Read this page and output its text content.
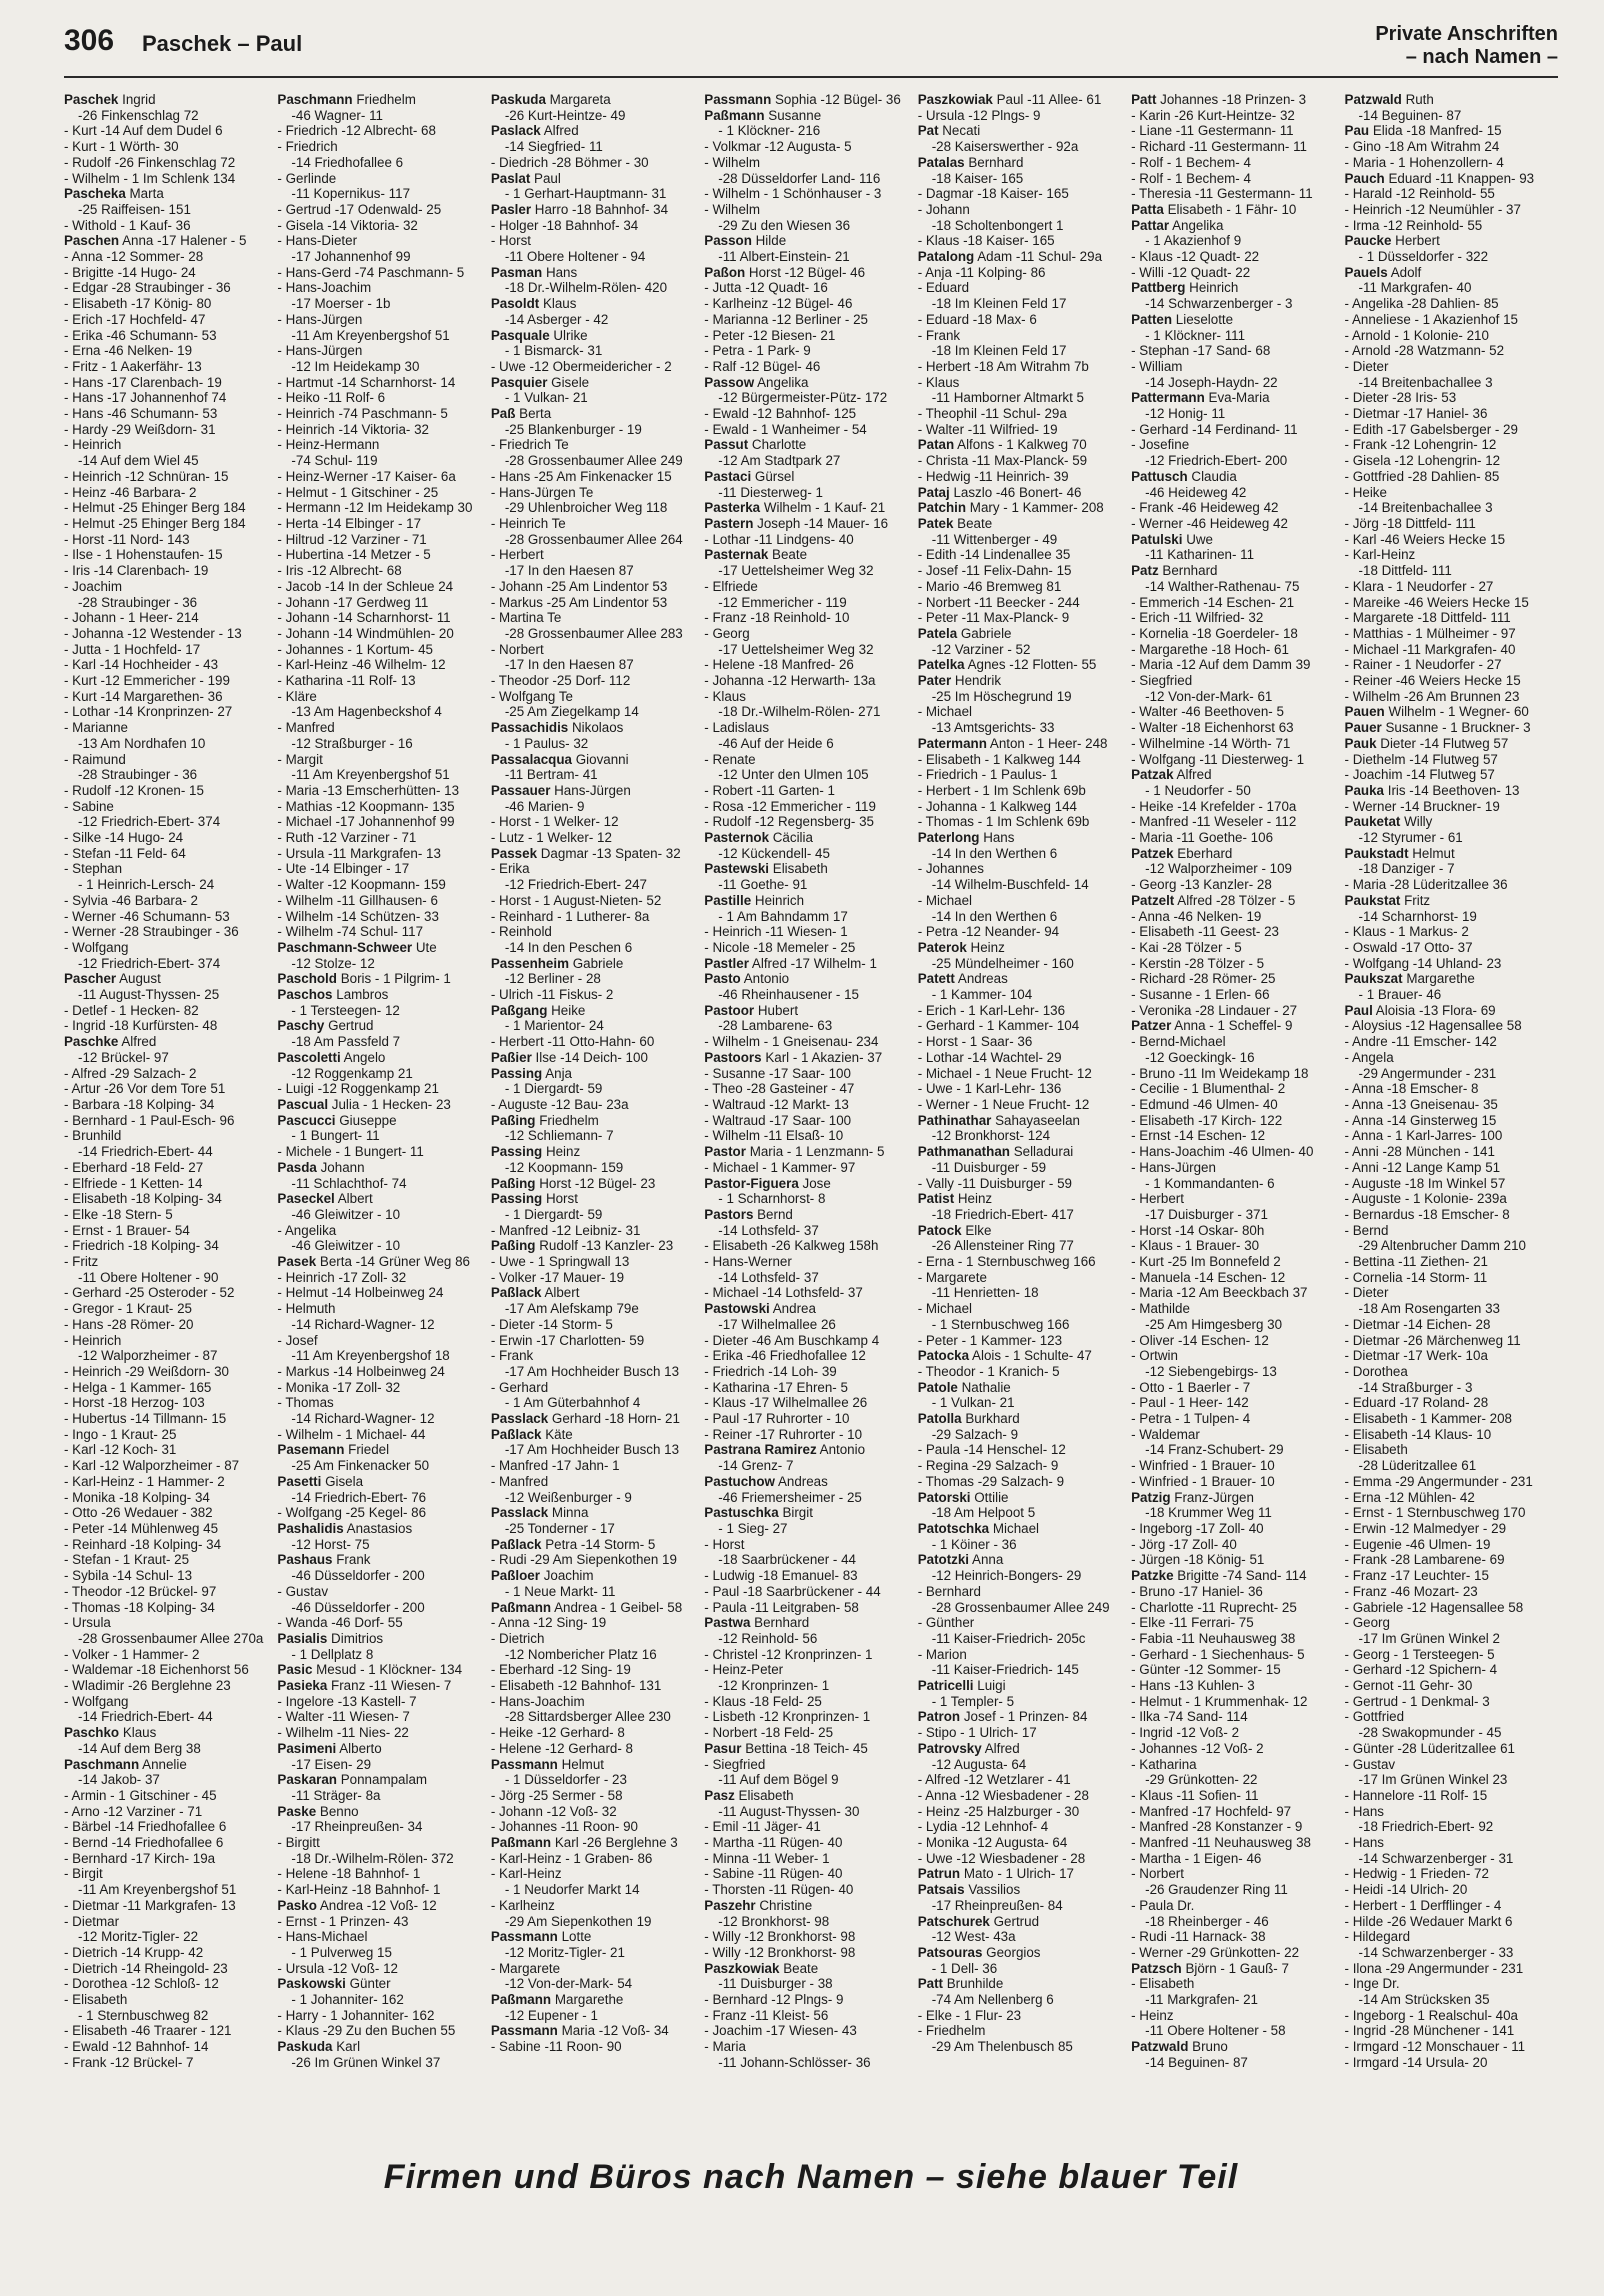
306 Paschek – Paul	Private Anschriften
– nach Namen –
Paschek Ingrid
-26 Finkenschlag 72
- Kurt -14 Auf dem Dudel 6
- Kurt - 1 Wörth- 30
- Rudolf -26 Finkenschlag 72
- Wilhelm - 1 Im Schlenk 134
Pascheka Marta
-25 Raiffeisen- 151
- Withold - 1 Kauf- 36
Paschen Anna -17 Halener - 5
- Anna -12 Sommer- 28
- Brigitte -14 Hugo- 24
- Edgar -28 Straubinger - 36
- Elisabeth -17 König- 80
- Erich -17 Hochfeld- 47
- Erika -46 Schumann- 53
- Erna -46 Nelken- 19
- Fritz - 1 Aakerfähr- 13
- Hans -17 Clarenbach- 19
- Hans -17 Johannenhof 74
- Hans -46 Schumann- 53
- Hardy -29 Weißdorn- 31
- Heinrich
-14 Auf dem Wiel 45
- Heinrich -12 Schnüran- 15
- Heinz -46 Barbara- 2
- Helmut -25 Ehinger Berg 184
- Helmut -25 Ehinger Berg 184
- Horst -11 Nord- 143
- Ilse - 1 Hohenstaufen- 15
- Iris -14 Clarenbach- 19
- Joachim
-28 Straubinger - 36
- Johann - 1 Heer- 214
- Johanna -12 Westender - 13
- Jutta - 1 Hochfeld- 17
- Karl -14 Hochheider - 43
- Kurt -12 Emmericher - 199
- Kurt -14 Margarethen- 36
- Lothar -14 Kronprinzen- 27
- Marianne
-13 Am Nordhafen 10
- Raimund
-28 Straubinger - 36
- Rudolf -12 Kronen- 15
- Sabine
-12 Friedrich-Ebert- 374
- Silke -14 Hugo- 24
- Stefan -11 Feld- 64
- Stephan
- 1 Heinrich-Lersch- 24
- Sylvia -46 Barbara- 2
- Werner -46 Schumann- 53
- Werner -28 Straubinger - 36
- Wolfgang
-12 Friedrich-Ebert- 374
Pascher August
-11 August-Thyssen- 25
- Detlef - 1 Hecken- 82
- Ingrid -18 Kurfürsten- 48
Paschke Alfred
-12 Brückel- 97
- Alfred -29 Salzach- 2
- Artur -26 Vor dem Tore 51
- Barbara -18 Kolping- 34
- Bernhard - 1 Paul-Esch- 96
- Brunhild
-14 Friedrich-Ebert- 44
- Eberhard -18 Feld- 27
- Elfriede - 1 Ketten- 14
- Elisabeth -18 Kolping- 34
- Elke -18 Stern- 5
- Ernst - 1 Brauer- 54
- Friedrich -18 Kolping- 34
- Fritz
-11 Obere Holtener - 90
- Gerhard -25 Osteroder - 52
- Gregor - 1 Kraut- 25
- Hans -28 Römer- 20
- Heinrich
-12 Walporzheimer - 87
- Heinrich -29 Weißdorn- 30
- Helga - 1 Kammer- 165
- Horst -18 Herzog- 103
- Hubertus -14 Tillmann- 15
- Ingo - 1 Kraut- 25
- Karl -12 Koch- 31
- Karl -12 Walporzheimer - 87
- Karl-Heinz - 1 Hammer- 2
- Monika -18 Kolping- 34
- Otto -26 Wedauer - 382
- Peter -14 Mühlenweg 45
- Reinhard -18 Kolping- 34
- Stefan - 1 Kraut- 25
- Sybila -14 Schul- 13
- Theodor -12 Brückel- 97
- Thomas -18 Kolping- 34
- Ursula
-28 Grossenbaumer Allee 270a
- Volker - 1 Hammer- 2
- Waldemar -18 Eichenhorst 56
- Wladimir -26 Berglehne 23
- Wolfgang
-14 Friedrich-Ebert- 44
Paschko Klaus
-14 Auf dem Berg 38
Paschmann Annelie
-14 Jakob- 37
- Armin - 1 Gitschiner - 45
- Arno -12 Varziner - 71
- Bärbel -14 Friedhofallee 6
- Bernd -14 Friedhofallee 6
- Bernhard -17 Kirch- 19a
- Birgit
-11 Am Kreyenbergshof 51
- Dietmar -11 Markgrafen- 13
- Dietmar
-12 Moritz-Tigler- 22
- Dietrich -14 Krupp- 42
- Dietrich -14 Rheingold- 23
- Dorothea -12 Schloß- 12
- Elisabeth
- 1 Sternbuschweg 82
- Elisabeth -46 Traarer - 121
- Ewald -12 Bahnhof- 14
- Frank -12 Brückel- 7
Paschmann Friedhelm
-46 Wagner- 11
- Friedrich -12 Albrecht- 68
- Friedrich
-14 Friedhofallee 6
- Gerlinde
-11 Kopernikus- 117
- Gertrud -17 Odenwald- 25
- Gisela -14 Viktoria- 32
- Hans-Dieter
-17 Johannenhof 99
- Hans-Gerd -74 Paschmann- 5
- Hans-Joachim
-17 Moerser - 1b
- Hans-Jürgen
-11 Am Kreyenbergshof 51
- Hans-Jürgen
-12 Im Heidekamp 30
- Hartmut -14 Scharnhorst- 14
- Heiko -11 Rolf- 6
- Heinrich -74 Paschmann- 5
- Heinrich -14 Viktoria- 32
- Heinz-Hermann
-74 Schul- 119
- Heinz-Werner -17 Kaiser- 6a
- Helmut - 1 Gitschiner - 25
- Hermann -12 Im Heidekamp 30
- Herta -14 Elbinger - 17
- Hiltrud -12 Varziner - 71
- Hubertina -14 Metzer - 5
- Iris -12 Albrecht- 68
- Jacob -14 In der Schleue 24
- Johann -17 Gerdweg 11
- Johann -14 Scharnhorst- 11
- Johann -14 Windmühlen- 20
- Johannes - 1 Kortum- 45
- Karl-Heinz -46 Wilhelm- 12
- Katharina -11 Rolf- 13
- Kläre
-13 Am Hagenbeckshof 4
- Manfred
-12 Straßburger - 16
- Margit
-11 Am Kreyenbergshof 51
- Maria -13 Emscherhütten- 13
- Mathias -12 Koopmann- 135
- Michael -17 Johannenhof 99
- Ruth -12 Varziner - 71
- Ursula -11 Markgrafen- 13
- Ute -14 Elbinger - 17
- Walter -12 Koopmann- 159
- Wilhelm -11 Gillhausen- 6
- Wilhelm -14 Schützen- 33
- Wilhelm -74 Schul- 117
Paschmann-Schweer Ute
-12 Stolze- 12
Paschold Boris - 1 Pilgrim- 1
Paschos Lambros
- 1 Tersteegen- 12
Paschy Gertrud
-18 Am Passfeld 7
Pascoletti Angelo
-12 Roggenkamp 21
- Luigi -12 Roggenkamp 21
Pascual Julia - 1 Hecken- 23
Pascucci Giuseppe
- 1 Bungert- 11
- Michele - 1 Bungert- 11
Pasda Johann
-11 Schlachthof- 74
Paseckel Albert
-46 Gleiwitzer - 10
- Angelika
-46 Gleiwitzer - 10
Pasek Berta -14 Grüner Weg 86
- Heinrich -17 Zoll- 32
- Helmut -14 Holbeinweg 24
- Helmuth
-14 Richard-Wagner- 12
- Josef
-11 Am Kreyenbergshof 18
- Markus -14 Holbeinweg 24
- Monika -17 Zoll- 32
- Thomas
-14 Richard-Wagner- 12
- Wilhelm - 1 Michael- 44
Pasemann Friedel
-25 Am Finkenacker 50
Pasetti Gisela
-14 Friedrich-Ebert- 76
- Wolfgang -25 Kegel- 86
Pashalidis Anastasios
-12 Horst- 75
Pashaus Frank
-46 Düsseldorfer - 200
- Gustav
-46 Düsseldorfer - 200
- Wanda -46 Dorf- 55
Pasialis Dimitrios
- 1 Dellplatz 8
Pasic Mesud - 1 Klöckner- 134
Pasieka Franz -11 Wiesen- 7
- Ingelore -13 Kastell- 7
- Walter -11 Wiesen- 7
- Wilhelm -11 Nies- 22
Pasimeni Alberto
-17 Eisen- 29
Paskaran Ponnampalam
-11 Sträger- 8a
Paske Benno
-17 Rheinpreußen- 34
- Birgitt
-18 Dr.-Wilhelm-Rölen- 372
- Helene -18 Bahnhof- 1
- Karl-Heinz -18 Bahnhof- 1
Pasko Andrea -12 Voß- 12
- Ernst - 1 Prinzen- 43
- Hans-Michael
- 1 Pulverweg 15
- Ursula -12 Voß- 12
Paskowski Günter
- 1 Johanniter- 162
- Harry - 1 Johanniter- 162
- Klaus -29 Zu den Buchen 55
Paskuda Karl
-26 Im Grünen Winkel 37
Paskuda Margareta
-26 Kurt-Heintze- 49
Paslack Alfred
-14 Siegfried- 11
- Diedrich -28 Böhmer - 30
Paslat Paul
- 1 Gerhart-Hauptmann- 31
Pasler Harro -18 Bahnhof- 34
- Holger -18 Bahnhof- 34
- Horst
-11 Obere Holtener - 94
Pasman Hans
-18 Dr.-Wilhelm-Rölen- 420
Pasoldt Klaus
-14 Asberger - 42
Pasquale Ulrike
- 1 Bismarck- 31
- Uwe -12 Obermeidericher - 2
Pasquier Gisele
- 1 Vulkan- 21
Paß Berta
-25 Blankenburger - 19
- Friedrich Te
-28 Grossenbaumer Allee 249
- Hans -25 Am Finkenacker 15
- Hans-Jürgen Te
-29 Uhlenbroicher Weg 118
- Heinrich Te
-28 Grossenbaumer Allee 264
- Herbert
-17 In den Haesen 87
- Johann -25 Am Lindentor 53
- Markus -25 Am Lindentor 53
- Martina Te
-28 Grossenbaumer Allee 283
- Norbert
-17 In den Haesen 87
- Theodor -25 Dorf- 112
- Wolfgang Te
-25 Am Ziegelkamp 14
Passachidis Nikolaos
- 1 Paulus- 32
Passalacqua Giovanni
-11 Bertram- 41
Passauer Hans-Jürgen
-46 Marien- 9
- Horst - 1 Welker- 12
- Lutz - 1 Welker- 12
Passek Dagmar -13 Spaten- 32
- Erika
-12 Friedrich-Ebert- 247
- Horst - 1 August-Nieten- 52
- Reinhard - 1 Lutherer- 8a
- Reinhold
-14 In den Peschen 6
Passenheim Gabriele
-12 Berliner - 28
- Ulrich -11 Fiskus- 2
Paßgang Heike
- 1 Marientor- 24
- Herbert -11 Otto-Hahn- 60
Paßier Ilse -14 Deich- 100
Passing Anja
- 1 Diergardt- 59
- Auguste -12 Bau- 23a
Paßing Friedhelm
-12 Schliemann- 7
Passing Heinz
-12 Koopmann- 159
Paßing Horst -12 Bügel- 23
Passing Horst
- 1 Diergardt- 59
- Manfred -12 Leibniz- 31
Paßing Rudolf -13 Kanzler- 23
- Uwe - 1 Springwall 13
- Volker -17 Mauer- 19
Paßlack Albert
-17 Am Alefskamp 79e
- Dieter -14 Storm- 5
- Erwin -17 Charlotten- 59
- Frank
-17 Am Hochheider Busch 13
- Gerhard
- 1 Am Güterbahnhof 4
Passlack Gerhard -18 Horn- 21
Paßlack Käte
-17 Am Hochheider Busch 13
- Manfred -17 Jahn- 1
- Manfred
-12 Weißenburger - 9
Passlack Minna
-25 Tonderner - 17
Paßlack Petra -14 Storm- 5
- Rudi -29 Am Siepenkothen 19
Paßloer Joachim
- 1 Neue Markt- 11
Paßmann Andrea - 1 Geibel- 58
- Anna -12 Sing- 19
- Dietrich
-12 Nombericher Platz 16
- Eberhard -12 Sing- 19
- Elisabeth -12 Bahnhof- 131
- Hans-Joachim
-28 Sittardsberger Allee 230
- Heike -12 Gerhard- 8
- Helene -12 Gerhard- 8
Passmann Helmut
- 1 Düsseldorfer - 23
- Jörg -25 Sermer - 58
- Johann -12 Voß- 32
- Johannes -11 Roon- 90
Paßmann Karl -26 Berglehne 3
- Karl-Heinz - 1 Graben- 86
- Karl-Heinz
- 1 Neudorfer Markt 14
- Karlheinz
-29 Am Siepenkothen 19
Passmann Lotte
-12 Moritz-Tigler- 21
- Margarete
-12 Von-der-Mark- 54
Paßmann Margarethe
-12 Eupener - 1
Passmann Maria -12 Voß- 34
- Sabine -11 Roon- 90
Passmann Sophia -12 Bügel- 36
Paßmann Susanne
- 1 Klöckner- 216
- Volkmar -12 Augusta- 5
- Wilhelm
-28 Düsseldorfer Land- 116
- Wilhelm - 1 Schönhauser - 3
- Wilhelm
-29 Zu den Wiesen 36
Passon Hilde
-11 Albert-Einstein- 21
Paßon Horst -12 Bügel- 46
- Jutta -12 Quadt- 16
- Karlheinz -12 Bügel- 46
- Marianna -12 Berliner - 25
- Peter -12 Biesen- 21
- Petra - 1 Park- 9
- Ralf -12 Bügel- 46
Passow Angelika
-12 Bürgermeister-Pütz- 172
- Ewald -12 Bahnhof- 125
- Ewald - 1 Wanheimer - 54
Passut Charlotte
-12 Am Stadtpark 27
Pastaci Gürsel
-11 Diesterweg- 1
Pasterka Wilhelm - 1 Kauf- 21
Pastern Joseph -14 Mauer- 16
- Lothar -11 Lindgens- 40
Pasternak Beate
-17 Uettelsheimer Weg 32
- Elfriede
-12 Emmericher - 119
- Franz -18 Reinhold- 10
- Georg
-17 Uettelsheimer Weg 32
- Helene -18 Manfred- 26
- Johanna -12 Herwarth- 13a
- Klaus
-18 Dr.-Wilhelm-Rölen- 271
- Ladislaus
-46 Auf der Heide 6
- Renate
-12 Unter den Ulmen 105
- Robert -11 Garten- 1
- Rosa -12 Emmericher - 119
- Rudolf -12 Regensberg- 35
Pasternok Cäcilia
-12 Kückendell- 45
Pastewski Elisabeth
-11 Goethe- 91
Pastille Heinrich
- 1 Am Bahndamm 17
- Heinrich -11 Wiesen- 1
- Nicole -18 Memeler - 25
Pastler Alfred -17 Wilhelm- 1
Pasto Antonio
-46 Rheinhausener - 15
Pastoor Hubert
-28 Lambarene- 63
- Wilhelm - 1 Gneisenau- 234
Pastoors Karl - 1 Akazien- 37
- Susanne -17 Saar- 100
- Theo -28 Gasteiner - 47
- Waltraud -12 Markt- 13
- Waltraud -17 Saar- 100
- Wilhelm -11 Elsaß- 10
Pastor Maria - 1 Lenzmann- 5
- Michael - 1 Kammer- 97
Pastor-Figuera Jose
- 1 Scharnhorst- 8
Pastors Bernd
-14 Lothsfeld- 37
- Elisabeth -26 Kalkweg 158h
- Hans-Werner
-14 Lothsfeld- 37
- Michael -14 Lothsfeld- 37
Pastowski Andrea
-17 Wilhelmallee 26
- Dieter -46 Am Buschkamp 4
- Erika -46 Friedhofallee 12
- Friedrich -14 Loh- 39
- Katharina -17 Ehren- 5
- Klaus -17 Wilhelmallee 26
- Paul -17 Ruhrorter - 10
- Reiner -17 Ruhrorter - 10
Pastrana Ramirez Antonio
-14 Grenz- 7
Pastuchow Andreas
-46 Friemersheimer - 25
Pastuschka Birgit
- 1 Sieg- 27
- Horst
-18 Saarbrückener - 44
- Ludwig -18 Emanuel- 83
- Paul -18 Saarbrückener - 44
- Paula -11 Leitgraben- 58
Pastwa Bernhard
-12 Reinhold- 56
- Christel -12 Kronprinzen- 1
- Heinz-Peter
-12 Kronprinzen- 1
- Klaus -18 Feld- 25
- Lisbeth -12 Kronprinzen- 1
- Norbert -18 Feld- 25
Pasur Bettina -18 Teich- 45
- Siegfried
-11 Auf dem Bögel 9
Pasz Elisabeth
-11 August-Thyssen- 30
- Emil -11 Jäger- 41
- Martha -11 Rügen- 40
- Minna -11 Weber- 1
- Sabine -11 Rügen- 40
- Thorsten -11 Rügen- 40
Paszehr Christine
-12 Bronkhorst- 98
- Willy -12 Bronkhorst- 98
- Willy -12 Bronkhorst- 98
Paszkowiak Beate
-11 Duisburger - 38
- Bernhard -12 Plngs- 9
- Franz -11 Kleist- 56
- Joachim -17 Wiesen- 43
- Maria
-11 Johann-Schlösser- 36
Paszkowiak Paul -11 Allee- 61
- Ursula -12 Plngs- 9
Pat Necati
-28 Kaiserswerther - 92a
Patalas Bernhard
-18 Kaiser- 165
- Dagmar -18 Kaiser- 165
- Johann
-18 Scholtenbongert 1
- Klaus -18 Kaiser- 165
Patalong Adam -11 Schul- 29a
- Anja -11 Kolping- 86
- Eduard
-18 Im Kleinen Feld 17
- Eduard -18 Max- 6
- Frank
-18 Im Kleinen Feld 17
- Herbert -18 Am Witrahm 7b
- Klaus
-11 Hamborner Altmarkt 5
- Theophil -11 Schul- 29a
- Walter -11 Wilfried- 19
Patan Alfons - 1 Kalkweg 70
- Christa -11 Max-Planck- 59
- Hedwig -11 Heinrich- 39
Pataj Laszlo -46 Bonert- 46
Patchin Mary - 1 Kammer- 208
Patek Beate
-11 Wittenberger - 49
- Edith -14 Lindenallee 35
- Josef -11 Felix-Dahn- 15
- Mario -46 Bremweg 81
- Norbert -11 Beecker - 244
- Peter -11 Max-Planck- 9
Patela Gabriele
-12 Varziner - 52
Patelka Agnes -12 Flotten- 55
Pater Hendrik
-25 Im Höschegrund 19
- Michael
-13 Amtsgerichts- 33
Patermann Anton - 1 Heer- 248
- Elisabeth - 1 Kalkweg 144
- Friedrich - 1 Paulus- 1
- Herbert - 1 Im Schlenk 69b
- Johanna - 1 Kalkweg 144
- Thomas - 1 Im Schlenk 69b
Paterlong Hans
-14 In den Werthen 6
- Johannes
-14 Wilhelm-Buschfeld- 14
- Michael
-14 In den Werthen 6
- Petra -12 Neander- 94
Paterok Heinz
-25 Mündelheimer - 160
Patett Andreas
- 1 Kammer- 104
- Erich - 1 Karl-Lehr- 136
- Gerhard - 1 Kammer- 104
- Horst - 1 Saar- 36
- Lothar -14 Wachtel- 29
- Michael - 1 Neue Frucht- 12
- Uwe - 1 Karl-Lehr- 136
- Werner - 1 Neue Frucht- 12
Pathinathar Sahayaseelan
-12 Bronkhorst- 124
Pathmanathan Selladurai
-11 Duisburger - 59
- Vally -11 Duisburger - 59
Patist Heinz
-18 Friedrich-Ebert- 417
Patock Elke
-26 Allensteiner Ring 77
- Erna - 1 Sternbuschweg 166
- Margarete
-11 Henrietten- 18
- Michael
- 1 Sternbuschweg 166
- Peter - 1 Kammer- 123
Patocka Alois - 1 Schulte- 47
- Theodor - 1 Kranich- 5
Patole Nathalie
- 1 Vulkan- 21
Patolla Burkhard
-29 Salzach- 9
- Paula -14 Henschel- 12
- Regina -29 Salzach- 9
- Thomas -29 Salzach- 9
Patorski Ottilie
-18 Am Helpoot 5
Patotschka Michael
- 1 Köiner - 36
Patotzki Anna
-12 Heinrich-Bongers- 29
- Bernhard
-28 Grossenbaumer Allee 249
- Günther
-11 Kaiser-Friedrich- 205c
- Marion
-11 Kaiser-Friedrich- 145
Patricelli Luigi
- 1 Templer- 5
Patron Josef - 1 Prinzen- 84
- Stipo - 1 Ulrich- 17
Patrovsky Alfred
-12 Augusta- 64
- Alfred -12 Wetzlarer - 41
- Anna -12 Wiesbadener - 28
- Heinz -25 Halzburger - 30
- Lydia -12 Lehnhof- 4
- Monika -12 Augusta- 64
- Uwe -12 Wiesbadener - 28
Patrun Mato - 1 Ulrich- 17
Patsais Vassilios
-17 Rheinpreußen- 84
Patschurek Gertrud
-12 West- 43a
Patsouras Georgios
- 1 Dell- 36
Patt Brunhilde
-74 Am Nellenberg 6
- Elke - 1 Flur- 23
- Friedhelm
-29 Am Thelenbusch 85
Patt Johannes -18 Prinzen- 3
- Karin -26 Kurt-Heintze- 32
- Liane -11 Gestermann- 11
- Richard -11 Gestermann- 11
- Rolf - 1 Bechem- 4
- Rolf - 1 Bechem- 4
- Theresia -11 Gestermann- 11
Patta Elisabeth - 1 Fähr- 10
Pattar Angelika
- 1 Akazienhof 9
- Klaus -12 Quadt- 22
- Willi -12 Quadt- 22
Pattberg Heinrich
-14 Schwarzenberger - 3
Patten Lieselotte
- 1 Klöckner- 111
- Stephan -17 Sand- 68
- William
-14 Joseph-Haydn- 22
Pattermann Eva-Maria
-12 Honig- 11
- Gerhard -14 Ferdinand- 11
- Josefine
-12 Friedrich-Ebert- 200
Pattusch Claudia
-46 Heideweg 42
- Frank -46 Heideweg 42
- Werner -46 Heideweg 42
Patulski Uwe
-11 Katharinen- 11
Patz Bernhard
-14 Walther-Rathenau- 75
- Emmerich -14 Eschen- 21
- Erich -11 Wilfried- 32
- Kornelia -18 Goerdeler- 18
- Margarethe -18 Hoch- 61
- Maria -12 Auf dem Damm 39
- Siegfried
-12 Von-der-Mark- 61
- Walter -46 Beethoven- 5
- Walter -18 Eichenhorst 63
- Wilhelmine -14 Wörth- 71
- Wolfgang -11 Diesterweg- 1
Patzak Alfred
- 1 Neudorfer - 50
- Heike -14 Krefelder - 170a
- Manfred -11 Weseler - 112
- Maria -11 Goethe- 106
Patzek Eberhard
-12 Walporzheimer - 109
- Georg -13 Kanzler- 28
Patzelt Alfred -28 Tölzer - 5
- Anna -46 Nelken- 19
- Elisabeth -11 Geest- 23
- Kai -28 Tölzer - 5
- Kerstin -28 Tölzer - 5
- Richard -28 Römer- 25
- Susanne - 1 Erlen- 66
- Veronika -28 Lindauer - 27
Patzer Anna - 1 Scheffel- 9
- Bernd-Michael
-12 Goeckingk- 16
- Bruno -11 Im Weidekamp 18
- Cecilie - 1 Blumenthal- 2
- Edmund -46 Ulmen- 40
- Elisabeth -17 Kirch- 122
- Ernst -14 Eschen- 12
- Hans-Joachim -46 Ulmen- 40
- Hans-Jürgen
- 1 Kommandanten- 6
- Herbert
-17 Duisburger - 371
- Horst -14 Oskar- 80h
- Klaus - 1 Brauer- 30
- Kurt -25 Im Bonnefeld 2
- Manuela -14 Eschen- 12
- Maria -12 Am Beeckbach 37
- Mathilde
-25 Am Himgesberg 30
- Oliver -14 Eschen- 12
- Ortwin
-12 Siebengebirgs- 13
- Otto - 1 Baerler - 7
- Paul - 1 Heer- 142
- Petra - 1 Tulpen- 4
- Waldemar
-14 Franz-Schubert- 29
- Winfried - 1 Brauer- 10
- Winfried - 1 Brauer- 10
Patzig Franz-Jürgen
-18 Krummer Weg 11
- Ingeborg -17 Zoll- 40
- Jörg -17 Zoll- 40
- Jürgen -18 König- 51
Patzke Brigitte -74 Sand- 114
- Bruno -17 Haniel- 36
- Charlotte -11 Ruprecht- 25
- Elke -11 Ferrari- 75
- Fabia -11 Neuhausweg 38
- Gerhard - 1 Siechenhaus- 5
- Günter -12 Sommer- 15
- Hans -13 Kuhlen- 3
- Helmut - 1 Krummenhak- 12
- Ilka -74 Sand- 114
- Ingrid -12 Voß- 2
- Johannes -12 Voß- 2
- Katharina
-29 Grünkotten- 22
- Klaus -11 Sofien- 11
- Manfred -17 Hochfeld- 97
- Manfred -28 Konstanzer - 9
- Manfred -11 Neuhausweg 38
- Martha - 1 Eigen- 46
- Norbert
-26 Graudenzer Ring 11
- Paula Dr.
-18 Rheinberger - 46
- Rudi -11 Harnack- 38
- Werner -29 Grünkotten- 22
Patzsch Björn - 1 Gauß- 7
- Elisabeth
-11 Markgrafen- 21
- Heinz
-11 Obere Holtener - 58
Patzwald Bruno
-14 Beguinen- 87
Patzwald Ruth
-14 Beguinen- 87
Pau Elida -18 Manfred- 15
- Gino -18 Am Witrahm 24
- Maria - 1 Hohenzollern- 4
Pauch Eduard -11 Knappen- 93
- Harald -12 Reinhold- 55
- Heinrich -12 Neumühler - 37
- Irma -12 Reinhold- 55
Paucke Herbert
- 1 Düsseldorfer - 322
Pauels Adolf
-11 Markgrafen- 40
- Angelika -28 Dahlien- 85
- Anneliese - 1 Akazienhof 15
- Arnold - 1 Kolonie- 210
- Arnold -28 Watzmann- 52
- Dieter
-14 Breitenbachallee 3
- Dieter -28 Iris- 53
- Dietmar -17 Haniel- 36
- Edith -17 Gabelsberger - 29
- Frank -12 Lohengrin- 12
- Gisela -12 Lohengrin- 12
- Gottfried -28 Dahlien- 85
- Heike
-14 Breitenbachallee 3
- Jörg -18 Dittfeld- 111
- Karl -46 Weiers Hecke 15
- Karl-Heinz
-18 Dittfeld- 111
- Klara - 1 Neudorfer - 27
- Mareike -46 Weiers Hecke 15
- Margarete -18 Dittfeld- 111
- Matthias - 1 Mülheimer - 97
- Michael -11 Markgrafen- 40
- Rainer - 1 Neudorfer - 27
- Reiner -46 Weiers Hecke 15
- Wilhelm -26 Am Brunnen 23
Pauen Wilhelm - 1 Wegner- 60
Pauer Susanne - 1 Bruckner- 3
Pauk Dieter -14 Flutweg 57
- Diethelm -14 Flutweg 57
- Joachim -14 Flutweg 57
Pauka Iris -14 Beethoven- 13
- Werner -14 Bruckner- 19
Pauketat Willy
-12 Styrumer - 61
Paukstadt Helmut
-18 Danziger - 7
- Maria -28 Lüderitzallee 36
Paukstat Fritz
-14 Scharnhorst- 19
- Klaus - 1 Markus- 2
- Oswald -17 Otto- 37
- Wolfgang -14 Uhland- 23
Paukszat Margarethe
- 1 Brauer- 46
Paul Aloisia -13 Flora- 69
- Aloysius -12 Hagensallee 58
- Andre -11 Emscher- 142
- Angela
-29 Angermunder - 231
- Anna -18 Emscher- 8
- Anna -13 Gneisenau- 35
- Anna -14 Ginsterweg 15
- Anna - 1 Karl-Jarres- 100
- Anni -28 München - 141
- Anni -12 Lange Kamp 51
- Auguste -18 Im Winkel 57
- Auguste - 1 Kolonie- 239a
- Bernardus -18 Emscher- 8
- Bernd
-29 Altenbrucher Damm 210
- Bettina -11 Ziethen- 21
- Cornelia -14 Storm- 11
- Dieter
-18 Am Rosengarten 33
- Dietmar -14 Eichen- 28
- Dietmar -26 Märchenweg 11
- Dietmar -17 Werk- 10a
- Dorothea
-14 Straßburger - 3
- Eduard -17 Roland- 28
- Elisabeth - 1 Kammer- 208
- Elisabeth -14 Klaus- 10
- Elisabeth
-28 Lüderitzallee 61
- Emma -29 Angermunder - 231
- Erna -12 Mühlen- 42
- Ernst - 1 Sternbuschweg 170
- Erwin -12 Malmedyer - 29
- Eugenie -46 Ulmen- 19
- Frank -28 Lambarene- 69
- Franz -17 Leuchter- 15
- Franz -46 Mozart- 23
- Gabriele -12 Hagensallee 58
- Georg
-17 Im Grünen Winkel 2
- Georg - 1 Tersteegen- 5
- Gerhard -12 Spichern- 4
- Gernot -11 Gehr- 30
- Gertrud - 1 Denkmal- 3
- Gottfried
-28 Swakopmunder - 45
- Günter -28 Lüderitzallee 61
- Gustav
-17 Im Grünen Winkel 23
- Hannelore -11 Rolf- 15
- Hans
-18 Friedrich-Ebert- 92
- Hans
-14 Schwarzenberger - 31
- Hedwig - 1 Frieden- 72
- Heidi -14 Ulrich- 20
- Herbert - 1 Derfflinger - 4
- Hilde -26 Wedauer Markt 6
- Hildegard
-14 Schwarzenberger - 33
- Ilona -29 Angermunder - 231
- Inge Dr.
-14 Am Strücksken 35
- Ingeborg - 1 Realschul- 40a
- Ingrid -28 Münchener - 141
- Irmgard -12 Monschauer - 11
- Irmgard -14 Ursula- 20
Firmen und Büros nach Namen – siehe blauer Teil
